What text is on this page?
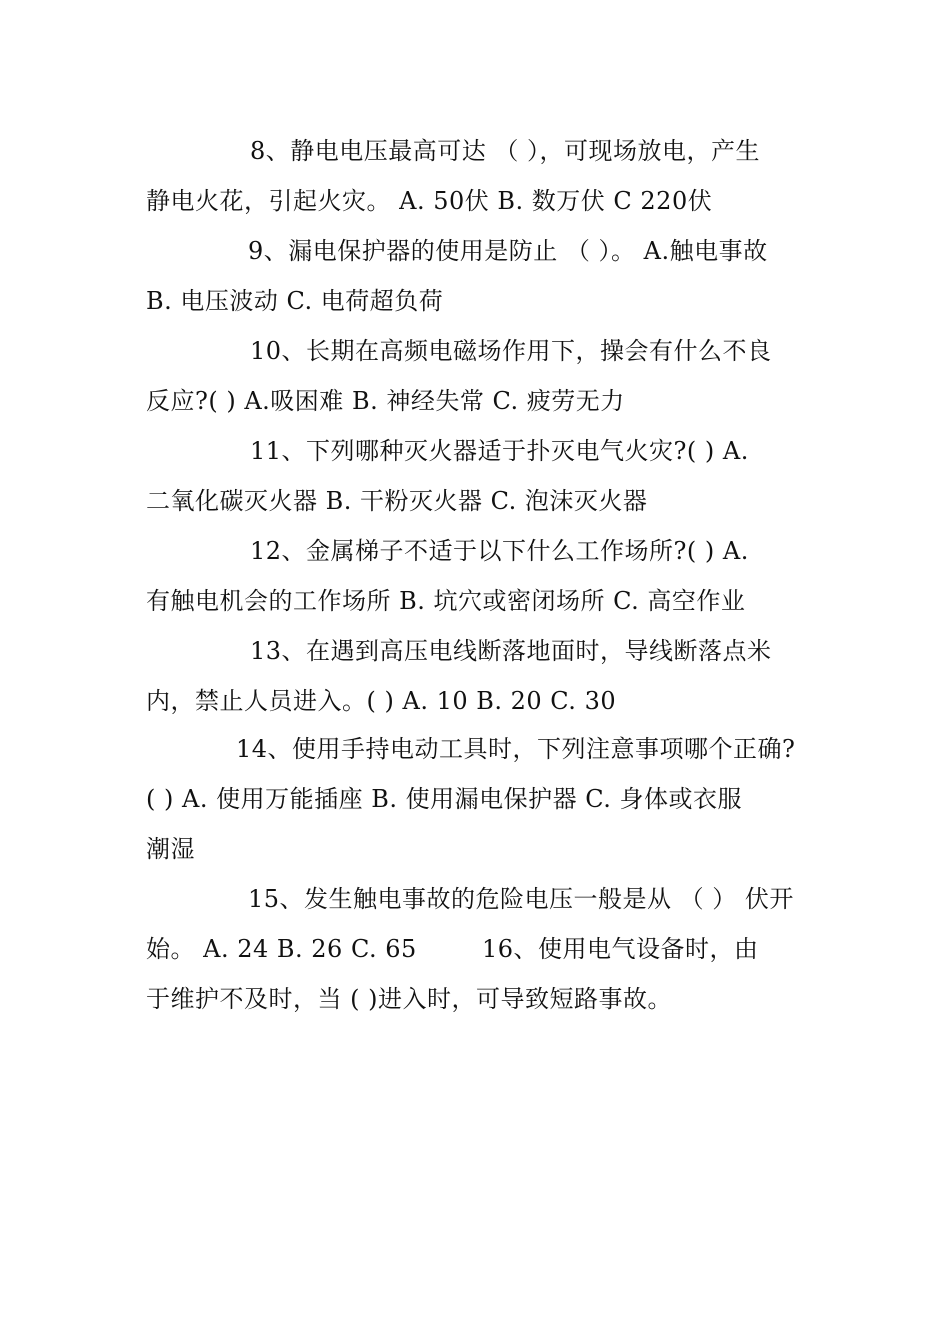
8、静电电压最高可达 （ ），可现场放电，产生
静电火花，引起火灾。 A. 50伏 B. 数万伏 C 220伏
9、漏电保护器的使用是防止 （ ）。 A.触电事故
B. 电压波动 C. 电荷超负荷
10、长期在高频电磁场作用下，操会有什么不良
反应?( ) A.吸困难 B. 神经失常 C. 疲劳无力
11、下列哪种灭火器适于扑灭电气火灾?( ) A.
二氧化碳灭火器 B. 干粉灭火器 C. 泡沫灭火器
12、金属梯子不适于以下什么工作场所?( ) A.
有触电机会的工作场所 B. 坑穴或密闭场所 C. 高空作业
13、在遇到高压电线断落地面时，导线断落点米
内，禁止人员进入。( ) A. 10 B. 20 C. 30
14、使用手持电动工具时，下列注意事项哪个正确?
( ) A. 使用万能插座 B. 使用漏电保护器 C. 身体或衣服
潮湿
15、发生触电事故的危险电压一般是从 （ ） 伏开
始。 A. 24 B. 26 C. 65 　　 16、使用电气设备时，由
于维护不及时，当 ( )进入时，可导致短路事故。
